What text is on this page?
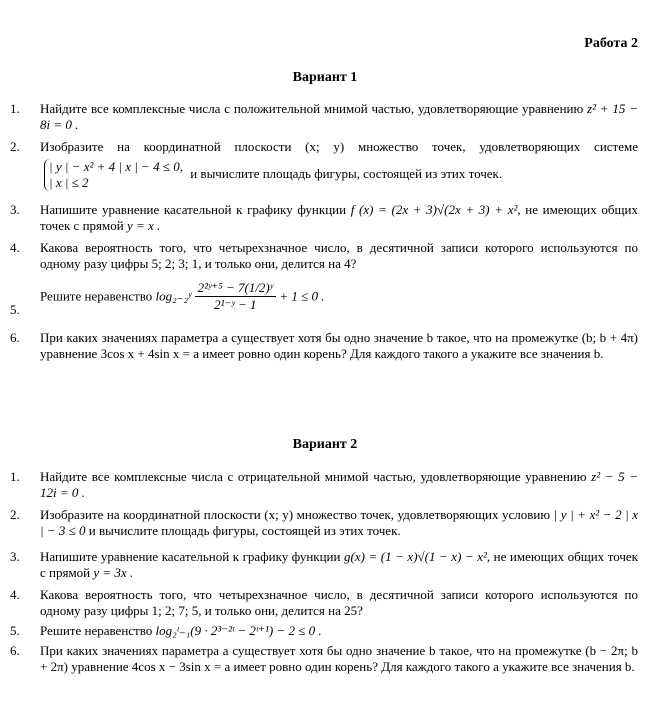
Работа 2
Вариант 1
1. Найдите все комплексные числа с положительной мнимой частью, удовлетворяющие уравнению z² + 15 − 8i = 0 .
2. Изобразите на координатной плоскости (x; y) множество точек, удовлетворяющих системе
| y | − x² + 4 | x | − 4 ≤ 0,
| x | ≤ 2
и вычислите площадь фигуры, состоящей из этих точек.
3. Напишите уравнение касательной к графику функции f (x) = (2x + 3)√(2x + 3) + x², не имеющих общих точек с прямой y = x .
4. Какова вероятность того, что четырехзначное число, в десятичной записи которого используются по одному разу цифры 5; 2; 3; 1, и только они, делится на 4?
5.
Решите неравенство log₂₋₂ʸ $\frac{\text{2²ʸ⁺⁵ − 7(1/2)ʸ}}{\text{2¹⁻ʸ − 1}} + 1 \le 0$ .
6. При каких значениях параметра a существует хотя бы одно значение b такое, что на промежутке (b; b + 4π) уравнение 3cos x + 4sin x = a имеет ровно один корень? Для каждого такого a укажите все значения b.
Вариант 2
1. Найдите все комплексные числа с отрицательной мнимой частью, удовлетворяющие уравнению z² − 5 − 12i = 0 .
2. Изобразите на координатной плоскости (x; y) множество точек, удовлетворяющих условию | y | + x² − 2 | x | − 3 ≤ 0 и вычислите площадь фигуры, состоящей из этих точек.
3. Напишите уравнение касательной к графику функции g(x) = (1 − x)√(1 − x) − x², не имеющих общих точек с прямой y = 3x .
4. Какова вероятность того, что четырехзначное число, в десятичной записи которого используются по одному разу цифры 1; 2; 7; 5, и только они, делится на 25?
5. Решите неравенство log₂ᵗ₋₁(9 · 2³⁻²ᵗ − 2ᵗ⁺¹) − 2 ≤ 0 .
6. При каких значениях параметра a существует хотя бы одно значение b такое, что на промежутке (b − 2π; b + 2π) уравнение 4cos x − 3sin x = a имеет ровно один корень? Для каждого такого a укажите все значения b.
